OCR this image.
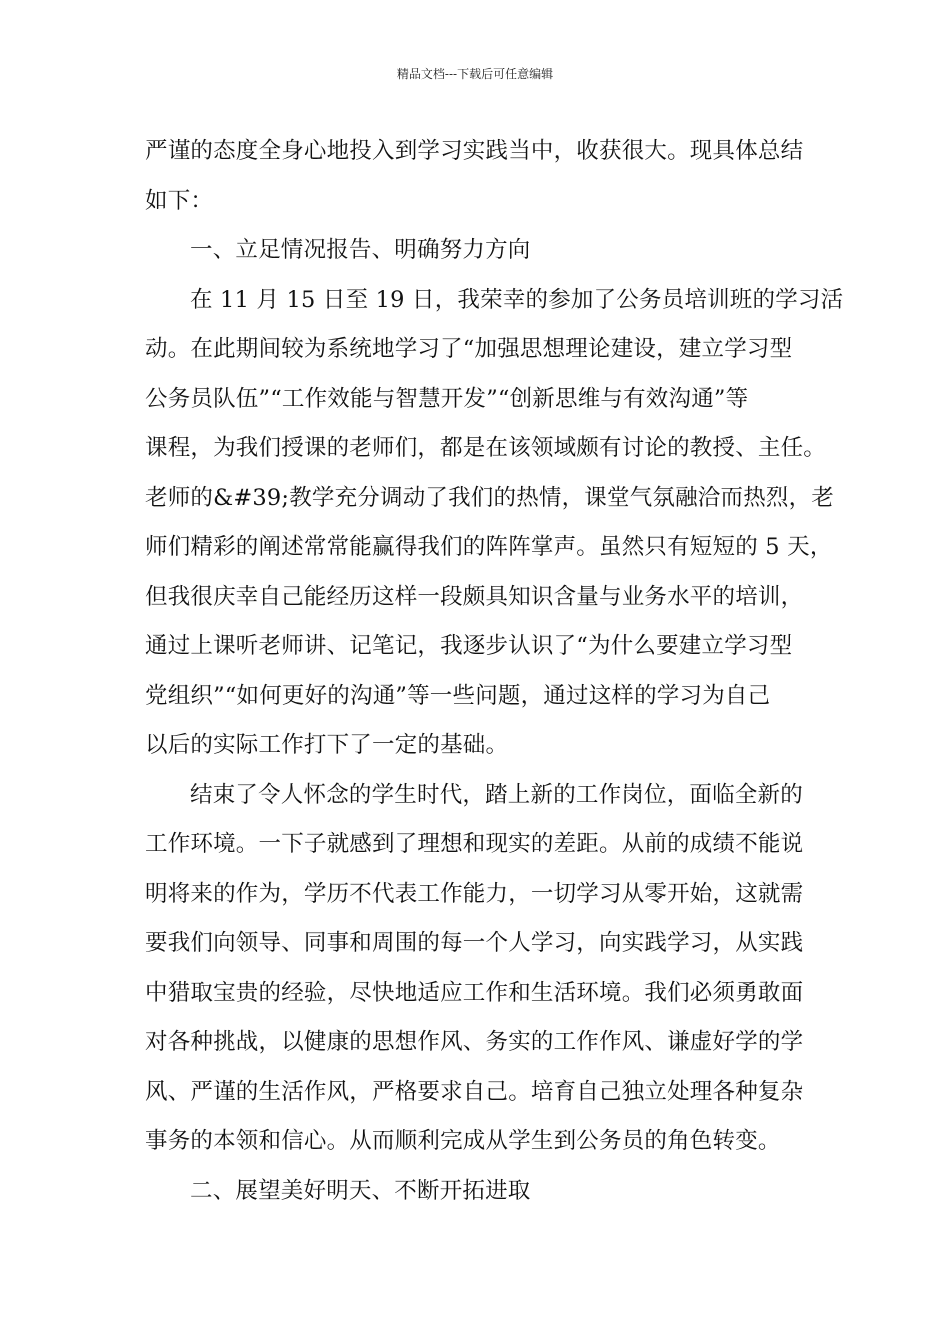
精品文档---下载后可任意编辑
严谨的态度全身心地投入到学习实践当中，收获很大。现具体总结
如下：
一、立足情况报告、明确努力方向
在 11 月 15 日至 19 日，我荣幸的参加了公务员培训班的学习活
动。在此期间较为系统地学习了“加强思想理论建设，建立学习型
公务员队伍”“工作效能与智慧开发”“创新思维与有效沟通”等
课程，为我们授课的老师们，都是在该领域颇有讨论的教授、主任。
老师的&#39;教学充分调动了我们的热情，课堂气氛融洽而热烈，老
师们精彩的阐述常常能赢得我们的阵阵掌声。虽然只有短短的 5 天，
但我很庆幸自己能经历这样一段颇具知识含量与业务水平的培训，
通过上课听老师讲、记笔记，我逐步认识了“为什么要建立学习型
党组织”“如何更好的沟通”等一些问题，通过这样的学习为自己
以后的实际工作打下了一定的基础。
结束了令人怀念的学生时代，踏上新的工作岗位，面临全新的
工作环境。一下子就感到了理想和现实的差距。从前的成绩不能说
明将来的作为，学历不代表工作能力，一切学习从零开始，这就需
要我们向领导、同事和周围的每一个人学习，向实践学习，从实践
中猎取宝贵的经验，尽快地适应工作和生活环境。我们必须勇敢面
对各种挑战，以健康的思想作风、务实的工作作风、谦虚好学的学
风、严谨的生活作风，严格要求自己。培育自己独立处理各种复杂
事务的本领和信心。从而顺利完成从学生到公务员的角色转变。
二、展望美好明天、不断开拓进取
